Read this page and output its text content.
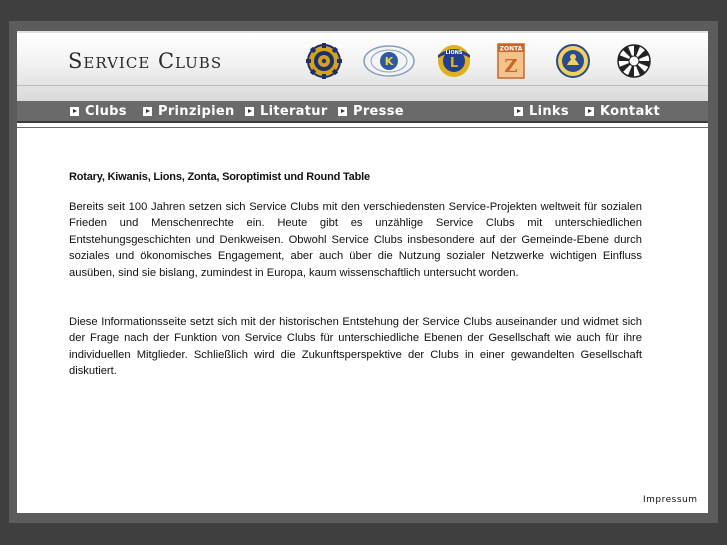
Service Clubs	K
LIONS
L
ZONTA
Z
Clubs Prinzipien Literatur Presse	Links Kontakt
Rotary, Kiwanis, Lions, Zonta, Soroptimist und Round Table

Bereits seit 100 Jahren setzen sich Service Clubs mit den verschiedensten Service-Projekten weltweit für sozialen Frieden und Menschenrechte ein. Heute gibt es unzählige Service Clubs mit unterschiedlichen Entstehungsgeschichten und Denkweisen. Obwohl Service Clubs insbesondere auf der Gemeinde-Ebene durch soziales und ökonomisches Engagement, aber auch über die Nutzung sozialer Netzwerke wichtigen Einfluss ausüben, sind sie bislang, zumindest in Europa, kaum wissenschaftlich untersucht worden.

Diese Informationsseite setzt sich mit der historischen Entstehung der Service Clubs auseinander und widmet sich der Frage nach der Funktion von Service Clubs für unterschiedliche Ebenen der Gesellschaft wie auch für ihre individuellen Mitglieder. Schließlich wird die Zukunftsperspektive der Clubs in einer gewandelten Gesellschaft diskutiert.

Impressum
